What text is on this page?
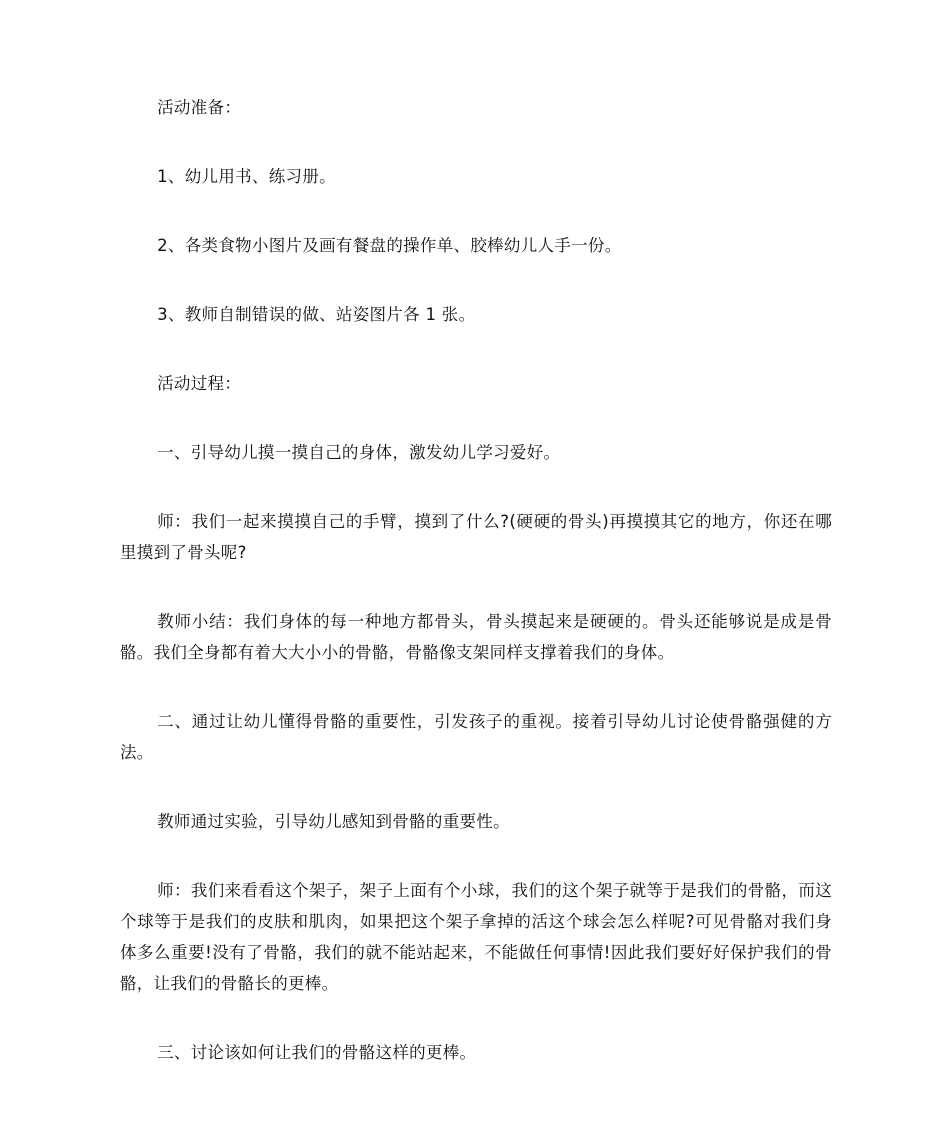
活动准备：

1、幼儿用书、练习册。

2、各类食物小图片及画有餐盘的操作单、胶棒幼儿人手一份。

3、教师自制错误的做、站姿图片各 1 张。

活动过程：

一、引导幼儿摸一摸自己的身体，激发幼儿学习爱好。

师：我们一起来摸摸自己的手臂，摸到了什么?(硬硬的骨头)再摸摸其它的地方，你还在哪里摸到了骨头呢?

教师小结：我们身体的每一种地方都骨头，骨头摸起来是硬硬的。骨头还能够说是成是骨骼。我们全身都有着大大小小的骨骼，骨骼像支架同样支撑着我们的身体。

二、通过让幼儿懂得骨骼的重要性，引发孩子的重视。接着引导幼儿讨论使骨骼强健的方法。

教师通过实验，引导幼儿感知到骨骼的重要性。

师：我们来看看这个架子，架子上面有个小球，我们的这个架子就等于是我们的骨骼，而这个球等于是我们的皮肤和肌肉，如果把这个架子拿掉的活这个球会怎么样呢?可见骨骼对我们身体多么重要!没有了骨骼，我们的就不能站起来，不能做任何事情!因此我们要好好保护我们的骨骼，让我们的骨骼长的更棒。

三、讨论该如何让我们的骨骼这样的更棒。
